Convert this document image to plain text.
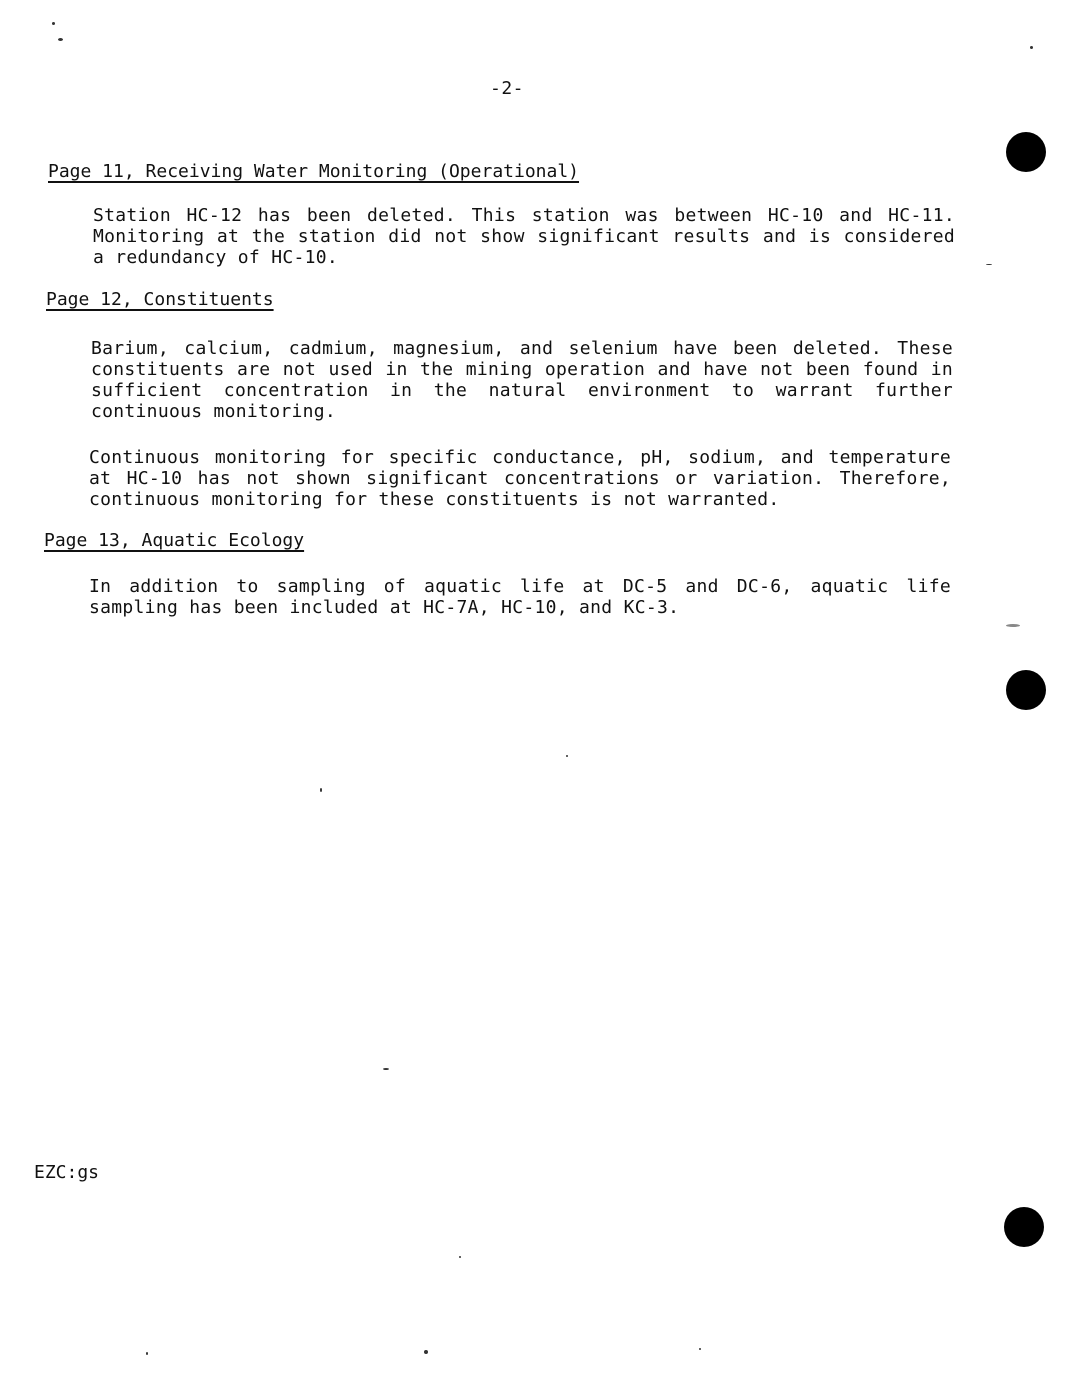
-2-
Page 11, Receiving Water Monitoring (Operational)
Station HC-12 has been deleted. This station was between HC-10 and HC-11. Monitoring at the station did not show significant results and is considered a redundancy of HC-10.
Page 12, Constituents
Barium, calcium, cadmium, magnesium, and selenium have been deleted. These constituents are not used in the mining operation and have not been found in sufficient concentration in the natural environment to warrant further continuous monitoring.
Continuous monitoring for specific conductance, pH, sodium, and temperature at HC-10 has not shown significant concentrations or variation. Therefore, continuous monitoring for these constituents is not warranted.
Page 13, Aquatic Ecology
In addition to sampling of aquatic life at DC-5 and DC-6, aquatic life sampling has been included at HC-7A, HC-10, and KC-3.
EZC:gs
